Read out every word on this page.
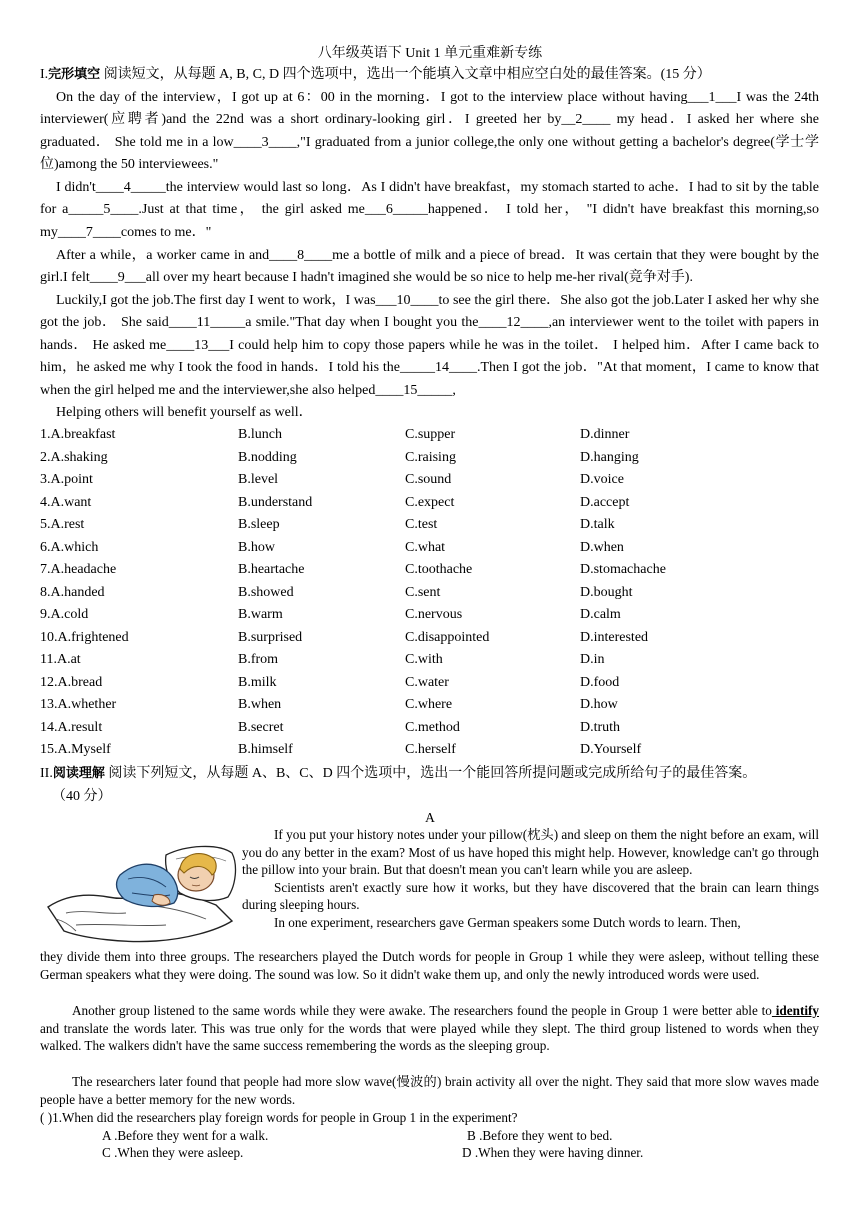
八年级英语下 Unit 1 单元重难新专练
I.完形填空 阅读短文，从每题 A, B, C, D 四个选项中，选出一个能填入文章中相应空白处的最佳答案。(15 分）
On the day of the interview，I got up at 6：00 in the morning．I got to the interview place without having___1___I was the 24th interviewer(应聘者)and the 22nd was a short ordinary-looking girl．I greeted her by__2____ my head．I asked her where she graduated． She told me in a low____3____,"I graduated from a junior college,the only one without getting a bachelor's degree(学士学位)among the 50 interviewees."
I didn't____4_____the interview would last so long．As I didn't have breakfast，my stomach started to ache．I had to sit by the table for a_____5____.Just at that time， the girl asked me___6_____happened． I told her， "I didn't have breakfast this morning,so my____7____comes to me．"
After a while，a worker came in and____8____me a bottle of milk and a piece of bread．It was certain that they were bought by the girl.I felt____9___all over my heart because I hadn't imagined she would be so nice to help me-her rival(竞争对手).
Luckily,I got the job.The first day I went to work，I was___10____to see the girl there．She also got the job.Later I asked her why she got the job． She said____11_____a smile."That day when I bought you the____12____,an interviewer went to the toilet with papers in hands． He asked me____13___I could help him to copy those papers while he was in the toilet． I helped him．After I came back to him，he asked me why I took the food in hands．I told his the_____14____.Then I got the job．"At that moment，I came to know that when the girl helped me and the interviewer,she also helped____15_____,
Helping others will benefit yourself as well．
1.A.breakfast	B.lunch	C.supper	D.dinner
2.A.shaking	B.nodding	C.raising	D.hanging
3.A.point	B.level	C.sound	D.voice
4.A.want	B.understand	C.expect	D.accept
5.A.rest	B.sleep	C.test	D.talk
6.A.which	B.how	C.what	D.when
7.A.headache	B.heartache	C.toothache	D.stomachache
8.A.handed	B.showed	C.sent	D.bought
9.A.cold	B.warm	C.nervous	D.calm
10.A.frightened	B.surprised	C.disappointed	D.interested
11.A.at	B.from	C.with	D.in
12.A.bread	B.milk	C.water	D.food
13.A.whether	B.when	C.where	D.how
14.A.result	B.secret	C.method	D.truth
15.A.Myself	B.himself	C.herself	D.Yourself
II.阅读理解 阅读下列短文，从每题 A、B、C、D 四个选项中，选出一个能回答所提问题或完成所给句子的最佳答案。
（40 分）
A
If you put your history notes under your pillow(枕头) and sleep on them the night before an exam, will you do any better in the exam? Most of us have hoped this might help. However, knowledge can't go through the pillow into your brain. But that doesn't mean you can't learn while you are asleep.
Scientists aren't exactly sure how it works, but they have discovered that the brain can learn things during sleeping hours.
In one experiment, researchers gave German speakers some Dutch words to learn. Then,
they divide them into three groups. The researchers played the Dutch words for people in Group 1 while they were asleep, without telling these German speakers what they were doing. The sound was low. So it didn't wake them up, and only the newly introduced words were used.
Another group listened to the same words while they were awake. The researchers found the people in Group 1 were better able to identify and translate the words later. This was true only for the words that were played while they slept. The third group listened to words when they walked. The walkers didn't have the same success remembering the words as the sleeping group.
The researchers later found that people had more slow wave(慢波的) brain activity all over the night. They said that more slow waves made people have a better memory for the new words.
( )1.When did the researchers play foreign words for people in Group 1 in the experiment?
A .Before they went for a walk.	B .Before they went to bed.
C .When they were asleep.	D .When they were having dinner.
